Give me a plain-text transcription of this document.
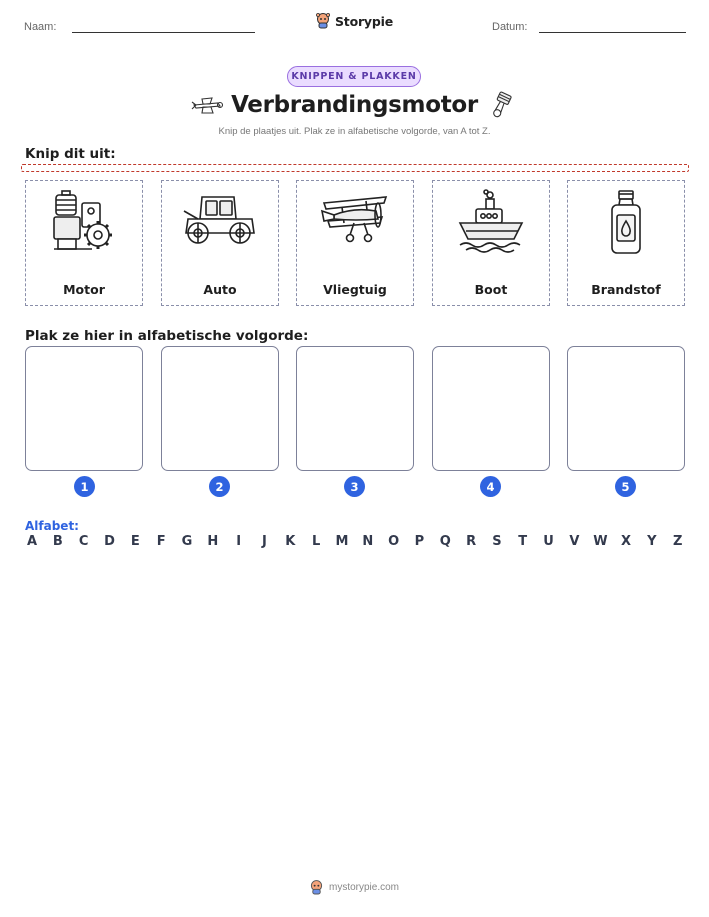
Naam:	Storypie	Datum:
KNIPPEN & PLAKKEN
Verbrandingsmotor
Knip de plaatjes uit. Plak ze in alfabetische volgorde, van A tot Z.
Knip dit uit:
Motor	Auto	Vliegtuig	Boot	Brandstof
Plak ze hier in alfabetische volgorde:
1	2	3	4	5
Alfabet:
A B C D E F G H	I	J	K L M N O P Q R S T U V W X Y Z
mystorypie.com
